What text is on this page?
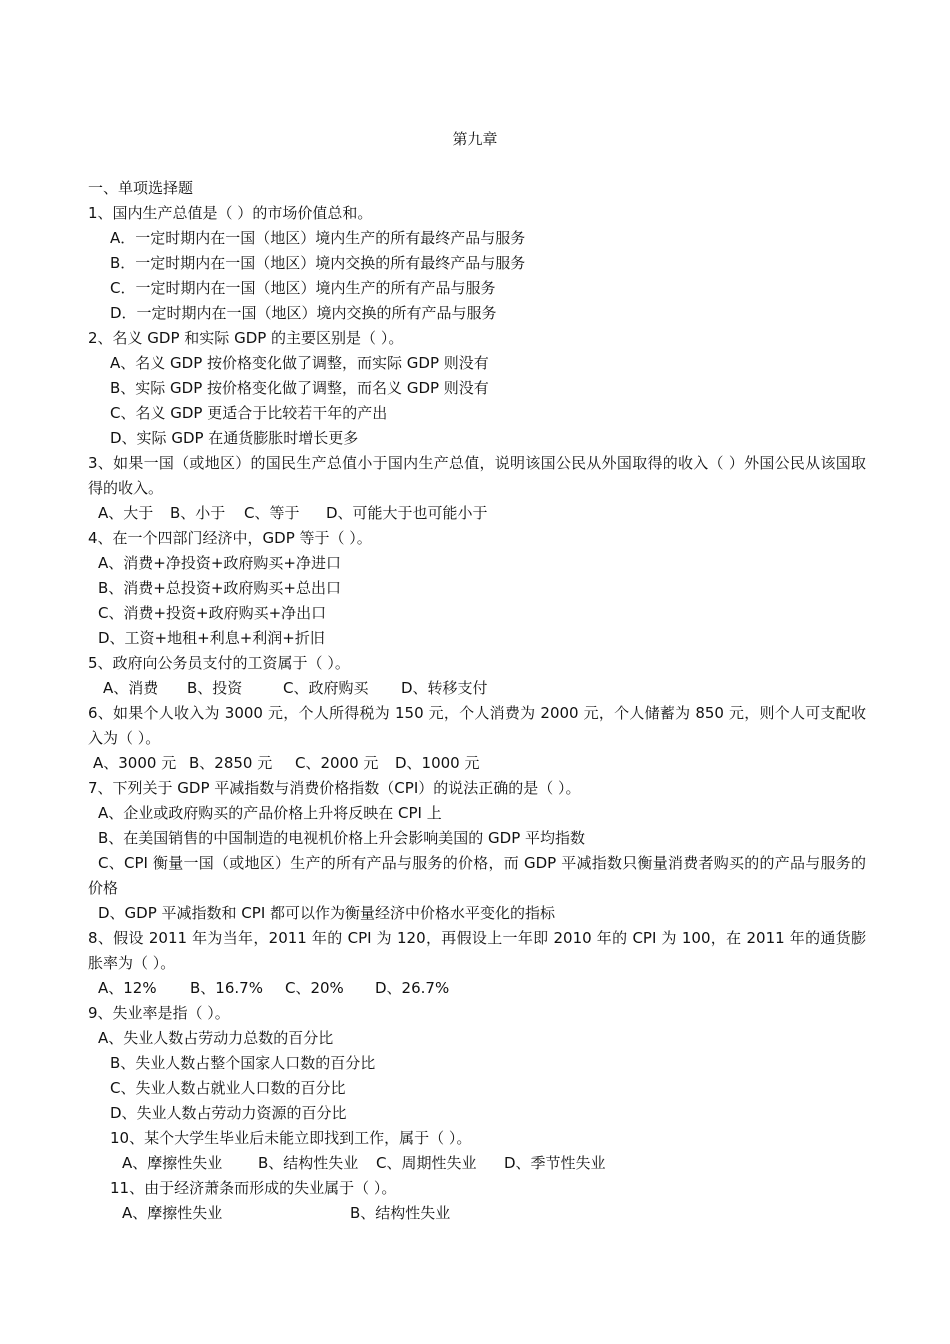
第九章
一、单项选择题
1、国内生产总值是（ ）的市场价值总和。
A．一定时期内在一国（地区）境内生产的所有最终产品与服务
B．一定时期内在一国（地区）境内交换的所有最终产品与服务
C．一定时期内在一国（地区）境内生产的所有产品与服务
D．一定时期内在一国（地区）境内交换的所有产品与服务
2、名义 GDP 和实际 GDP 的主要区别是（ ）。
A、名义 GDP 按价格变化做了调整，而实际 GDP 则没有
B、实际 GDP 按价格变化做了调整，而名义 GDP 则没有
C、名义 GDP 更适合于比较若干年的产出
D、实际 GDP 在通货膨胀时增长更多
3、如果一国（或地区）的国民生产总值小于国内生产总值，说明该国公民从外国取得的收入（ ）外国公民从该国取得的收入。
A、大于 B、小于 C、等于 D、可能大于也可能小于
4、在一个四部门经济中，GDP 等于（ ）。
A、消费+净投资+政府购买+净进口
B、消费+总投资+政府购买+总出口
C、消费+投资+政府购买+净出口
D、工资+地租+利息+利润+折旧
5、政府向公务员支付的工资属于（ ）。
A、消费 B、投资	C、政府购买 D、转移支付
6、如果个人收入为 3000 元，个人所得税为 150 元，个人消费为 2000 元，个人储蓄为 850 元，则个人可支配收入为（ ）。
A、3000 元 B、2850 元 C、2000 元 D、1000 元
7、下列关于 GDP 平减指数与消费价格指数（CPI）的说法正确的是（ ）。
A、企业或政府购买的产品价格上升将反映在 CPI 上
B、在美国销售的中国制造的电视机价格上升会影响美国的 GDP 平均指数
C、CPI 衡量一国（或地区）生产的所有产品与服务的价格，而 GDP 平减指数只衡量消费者购买的的产品与服务的价格
D、GDP 平减指数和 CPI 都可以作为衡量经济中价格水平变化的指标
8、假设 2011 年为当年，2011 年的 CPI 为 120，再假设上一年即 2010 年的 CPI 为 100，在 2011 年的通货膨胀率为（ ）。
A、12% B、16.7% C、20% D、26.7%
9、失业率是指（ ）。
A、失业人数占劳动力总数的百分比
B、失业人数占整个国家人口数的百分比
C、失业人数占就业人口数的百分比
D、失业人数占劳动力资源的百分比
10、某个大学生毕业后未能立即找到工作，属于（ ）。
A、摩擦性失业 B、结构性失业 C、周期性失业 D、季节性失业
11、由于经济萧条而形成的失业属于（ ）。
A、摩擦性失业	B、结构性失业
